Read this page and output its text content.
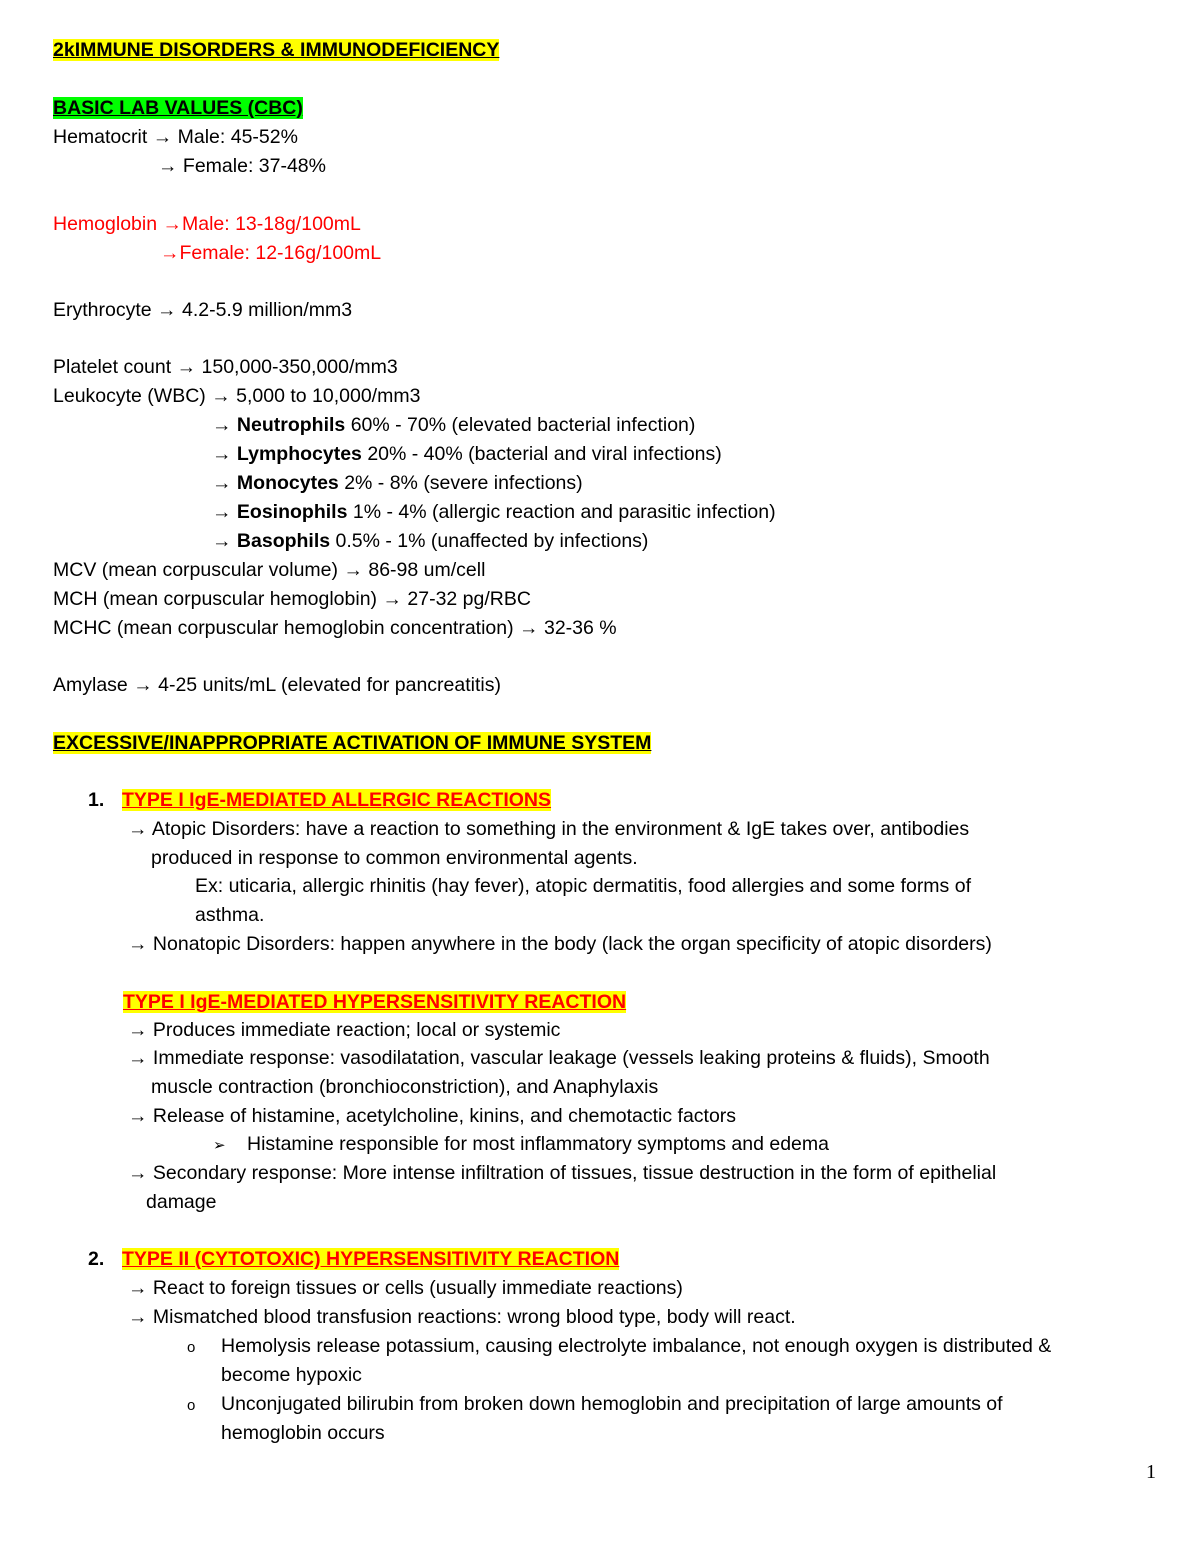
2kIMMUNE DISORDERS & IMMUNODEFICIENCY
BASIC LAB VALUES (CBC)
Hematocrit → Male: 45-52%
→ Female: 37-48%
Hemoglobin →Male: 13-18g/100mL
→Female: 12-16g/100mL
Erythrocyte → 4.2-5.9 million/mm3
Platelet count → 150,000-350,000/mm3
Leukocyte (WBC) → 5,000 to 10,000/mm3
→ Neutrophils 60% - 70% (elevated bacterial infection)
→ Lymphocytes 20% - 40% (bacterial and viral infections)
→ Monocytes 2% - 8% (severe infections)
→ Eosinophils 1% - 4% (allergic reaction and parasitic infection)
→ Basophils 0.5% - 1% (unaffected by infections)
MCV (mean corpuscular volume) → 86-98 um/cell
MCH (mean corpuscular hemoglobin) → 27-32 pg/RBC
MCHC (mean corpuscular hemoglobin concentration) → 32-36 %
Amylase → 4-25 units/mL (elevated for pancreatitis)
EXCESSIVE/INAPPROPRIATE ACTIVATION OF IMMUNE SYSTEM
1. TYPE I IgE-MEDIATED ALLERGIC REACTIONS
→ Atopic Disorders: have a reaction to something in the environment & IgE takes over, antibodies
produced in response to common environmental agents.
Ex: uticaria, allergic rhinitis (hay fever), atopic dermatitis, food allergies and some forms of
asthma.
→ Nonatopic Disorders: happen anywhere in the body (lack the organ specificity of atopic disorders)
TYPE I IgE-MEDIATED HYPERSENSITIVITY REACTION
→ Produces immediate reaction; local or systemic
→ Immediate response: vasodilatation, vascular leakage (vessels leaking proteins & fluids), Smooth
muscle contraction (bronchioconstriction), and Anaphylaxis
→ Release of histamine, acetylcholine, kinins, and chemotactic factors
➢ Histamine responsible for most inflammatory symptoms and edema
→ Secondary response: More intense infiltration of tissues, tissue destruction in the form of epithelial
damage
2. TYPE II (CYTOTOXIC) HYPERSENSITIVITY REACTION
→ React to foreign tissues or cells (usually immediate reactions)
→ Mismatched blood transfusion reactions: wrong blood type, body will react.
o Hemolysis release potassium, causing electrolyte imbalance, not enough oxygen is distributed &
become hypoxic
o Unconjugated bilirubin from broken down hemoglobin and precipitation of large amounts of
hemoglobin occurs
1
